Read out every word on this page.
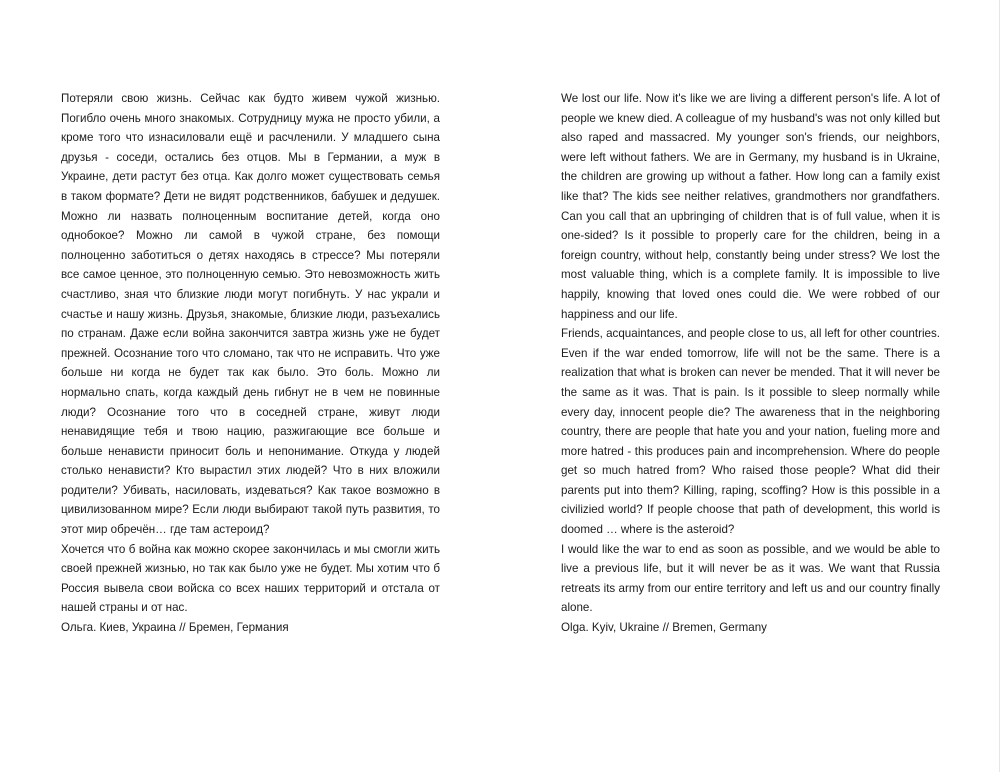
Потеряли свою жизнь. Сейчас как будто живем чужой жизнью. Погибло очень много знакомых. Сотрудницу мужа не просто убили, а кроме того что изнасиловали ещё и расчленили. У младшего сына друзья - соседи, остались без отцов. Мы в Германии, а муж в Украине, дети растут без отца. Как долго может существовать семья в таком формате? Дети не видят родственников, бабушек и дедушек. Можно ли назвать полноценным воспитание детей, когда оно однобокое? Можно ли самой в чужой стране, без помощи полноценно заботиться о детях находясь в стрессе? Мы потеряли все самое ценное, это полноценную семью. Это невозможность жить счастливо, зная что близкие люди могут погибнуть. У нас украли и счастье и нашу жизнь. Друзья, знакомые, близкие люди, разъехались по странам. Даже если война закончится завтра жизнь уже не будет прежней. Осознание того что сломано, так что не исправить. Что уже больше ни когда не будет так как было. Это боль. Можно ли нормально спать, когда каждый день гибнут не в чем не повинные люди? Осознание того что в соседней стране, живут люди ненавидящие тебя и твою нацию, разжигающие все больше и больше ненависти приносит боль и непонимание. Откуда у людей столько ненависти? Кто вырастил этих людей? Что в них вложили родители? Убивать, насиловать, издеваться? Как такое возможно в цивилизованном мире? Если люди выбирают такой путь развития, то этот мир обречён… где там астероид?

Хочется что б война как можно скорее закончилась и мы смогли жить своей прежней жизнью, но так как было уже не будет. Мы хотим что б Россия вывела свои войска со всех наших территорий и отстала от нашей страны и от нас.

Ольга. Киев, Украина // Бремен, Германия

We lost our life. Now it's like we are living a different person's life. A lot of people we knew died. A colleague of my husband's was not only killed but also raped and massacred. My younger son's friends, our neighbors, were left without fathers. We are in Germany, my husband is in Ukraine, the children are growing up without a father. How long can a family exist like that? The kids see neither relatives, grandmothers nor grandfathers. Can you call that an upbringing of children that is of full value, when it is one-sided? Is it possible to properly care for the children, being in a foreign country, without help, constantly being under stress? We lost the most valuable thing, which is a complete family. It is impossible to live happily, knowing that loved ones could die. We were robbed of our happiness and our life.

Friends, acquaintances, and people close to us, all left for other countries. Even if the war ended tomorrow, life will not be the same. There is a realization that what is broken can never be mended. That it will never be the same as it was. That is pain. Is it possible to sleep normally while every day, innocent people die? The awareness that in the neighboring country, there are people that hate you and your nation, fueling more and more hatred - this produces pain and incomprehension. Where do people get so much hatred from? Who raised those people? What did their parents put into them? Killing, raping, scoffing? How is this possible in a civilizied world? If people choose that path of development, this world is doomed … where is the asteroid?

I would like the war to end as soon as possible, and we would be able to live a previous life, but it will never be as it was. We want that Russia retreats its army from our entire territory and left us and our country finally alone.

Olga. Kyiv, Ukraine // Bremen, Germany
